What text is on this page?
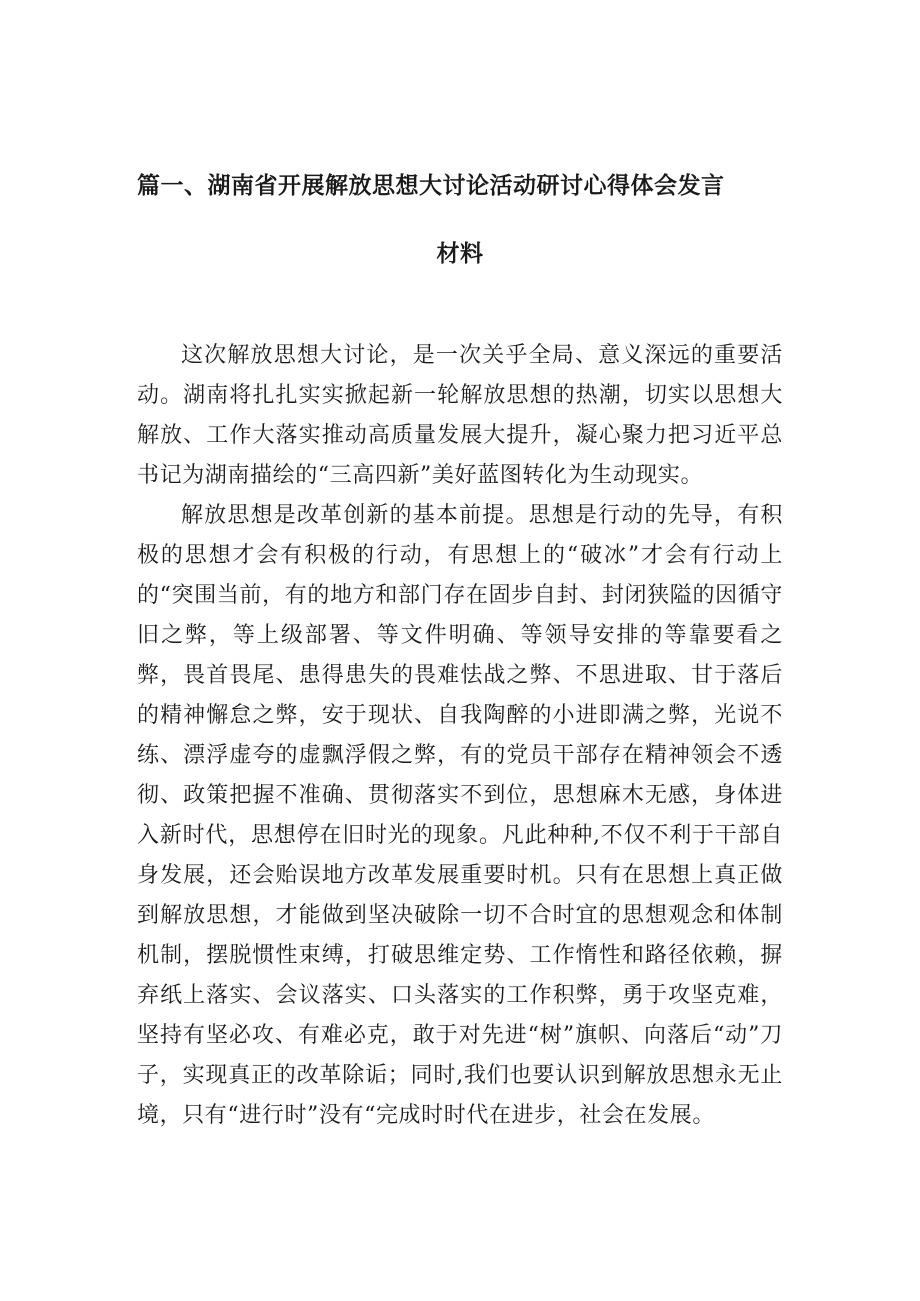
篇一、湖南省开展解放思想大讨论活动研讨心得体会发言
材料

这次解放思想大讨论，是一次关乎全局、意义深远的重要活动。湖南将扎扎实实掀起新一轮解放思想的热潮，切实以思想大解放、工作大落实推动高质量发展大提升，凝心聚力把习近平总书记为湖南描绘的“三高四新”美好蓝图转化为生动现实。

解放思想是改革创新的基本前提。思想是行动的先导，有积极的思想才会有积极的行动，有思想上的“破冰”才会有行动上的“突围当前，有的地方和部门存在固步自封、封闭狭隘的因循守旧之弊，等上级部署、等文件明确、等领导安排的等靠要看之弊，畏首畏尾、患得患失的畏难怯战之弊、不思进取、甘于落后的精神懈怠之弊，安于现状、自我陶醉的小进即满之弊，光说不练、漂浮虚夸的虚飘浮假之弊，有的党员干部存在精神领会不透彻、政策把握不准确、贯彻落实不到位，思想麻木无感，身体进入新时代，思想停在旧时光的现象。凡此种种,不仅不利于干部自身发展，还会贻误地方改革发展重要时机。只有在思想上真正做到解放思想，才能做到坚决破除一切不合时宜的思想观念和体制机制，摆脱惯性束缚，打破思维定势、工作惰性和路径依赖，摒弃纸上落实、会议落实、口头落实的工作积弊，勇于攻坚克难，坚持有坚必攻、有难必克，敢于对先进“树”旗帜、向落后“动”刀子，实现真正的改革除诟；同时,我们也要认识到解放思想永无止境，只有“进行时”没有“完成时时代在进步，社会在发展。
